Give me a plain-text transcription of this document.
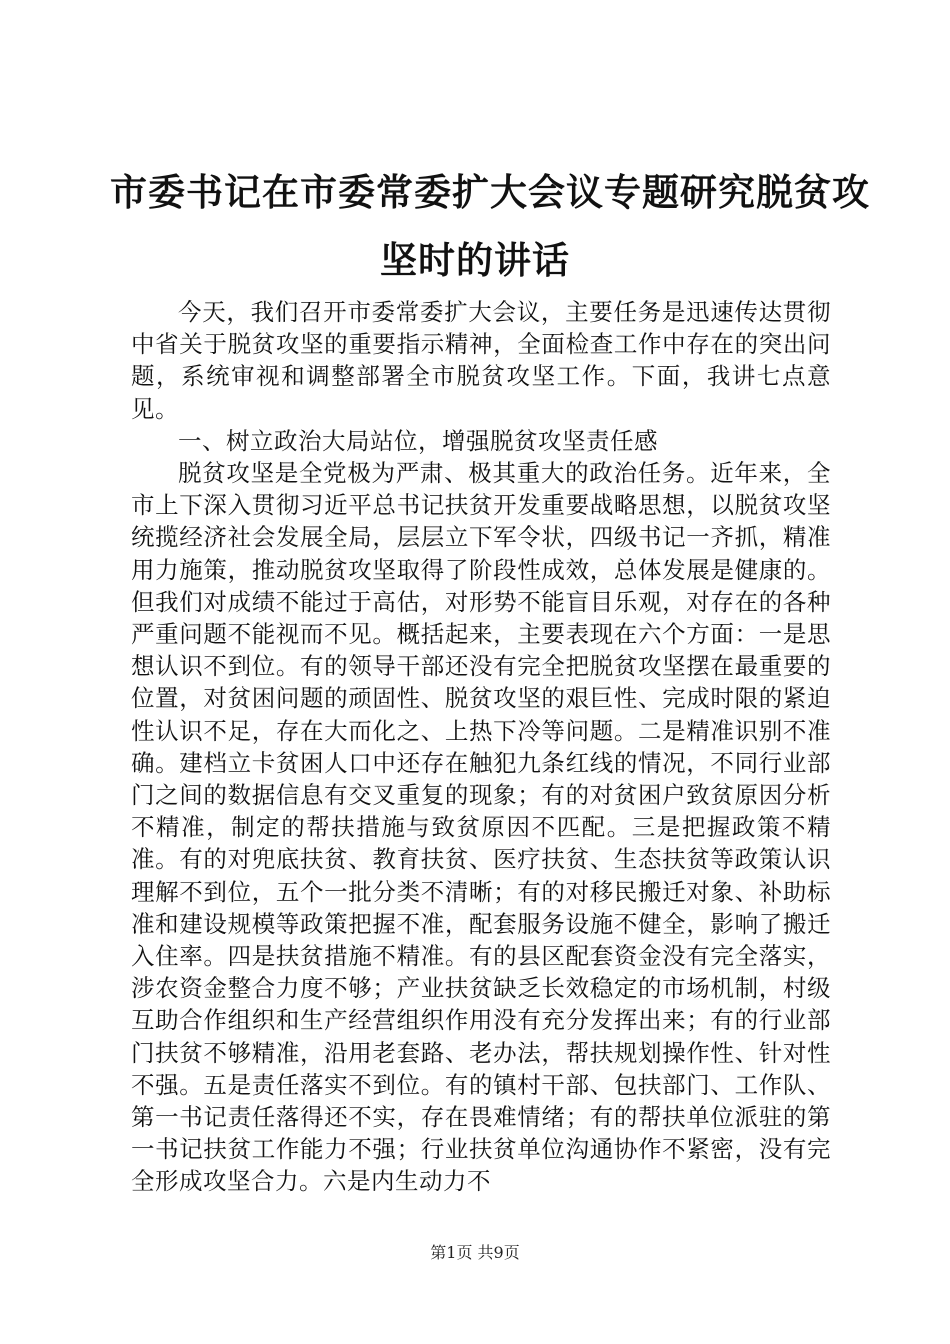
市委书记在市委常委扩大会议专题研究脱贫攻
坚时的讲话

今天，我们召开市委常委扩大会议，主要任务是迅速传达贯彻中省关于脱贫攻坚的重要指示精神，全面检查工作中存在的突出问题，系统审视和调整部署全市脱贫攻坚工作。下面，我讲七点意见。

一、树立政治大局站位，增强脱贫攻坚责任感

脱贫攻坚是全党极为严肃、极其重大的政治任务。近年来，全市上下深入贯彻习近平总书记扶贫开发重要战略思想，以脱贫攻坚统揽经济社会发展全局，层层立下军令状，四级书记一齐抓，精准用力施策，推动脱贫攻坚取得了阶段性成效，总体发展是健康的。但我们对成绩不能过于高估，对形势不能盲目乐观，对存在的各种严重问题不能视而不见。概括起来，主要表现在六个方面：一是思想认识不到位。有的领导干部还没有完全把脱贫攻坚摆在最重要的位置，对贫困问题的顽固性、脱贫攻坚的艰巨性、完成时限的紧迫性认识不足，存在大而化之、上热下冷等问题。二是精准识别不准确。建档立卡贫困人口中还存在触犯九条红线的情况，不同行业部门之间的数据信息有交叉重复的现象；有的对贫困户致贫原因分析不精准，制定的帮扶措施与致贫原因不匹配。三是把握政策不精准。有的对兜底扶贫、教育扶贫、医疗扶贫、生态扶贫等政策认识理解不到位，五个一批分类不清晰；有的对移民搬迁对象、补助标准和建设规模等政策把握不准，配套服务设施不健全，影响了搬迁入住率。四是扶贫措施不精准。有的县区配套资金没有完全落实，涉农资金整合力度不够；产业扶贫缺乏长效稳定的市场机制，村级互助合作组织和生产经营组织作用没有充分发挥出来；有的行业部门扶贫不够精准，沿用老套路、老办法，帮扶规划操作性、针对性不强。五是责任落实不到位。有的镇村干部、包扶部门、工作队、第一书记责任落得还不实，存在畏难情绪；有的帮扶单位派驻的第一书记扶贫工作能力不强；行业扶贫单位沟通协作不紧密，没有完全形成攻坚合力。六是内生动力不

第1页 共9页
